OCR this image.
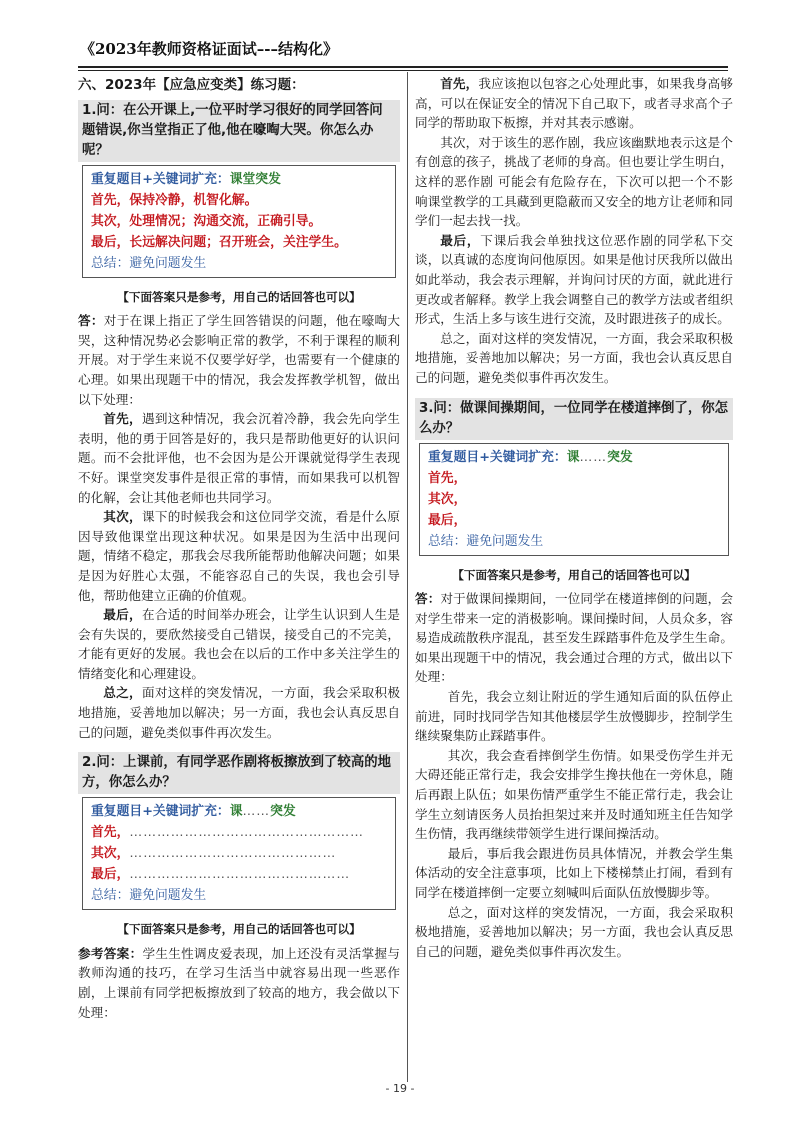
《2023年教师资格证面试–-–结构化》
六、2023年【应急应变类】练习题：
1.问：在公开课上,一位平时学习很好的同学回答问题错误,你当堂指正了他,他在嚎啕大哭。你怎么办呢？
重复题目+关键词扩充：课堂突发
首先，保持冷静，机智化解。
其次，处理情况；沟通交流，正确引导。
最后，长远解决问题；召开班会，关注学生。
总结：避免问题发生
【下面答案只是参考，用自己的话回答也可以】

答：对于在课上指正了学生回答错误的问题，他在嚎啕大哭，这种情况势必会影响正常的教学，不利于课程的顺利开展。对于学生来说不仅要学好学，也需要有一个健康的心理。如果出现题干中的情况，我会发挥教学机智，做出以下处理：

首先，遇到这种情况，我会沉着冷静，我会先向学生表明，他的勇于回答是好的，我只是帮助他更好的认识问题。而不会批评他，也不会因为是公开课就觉得学生表现不好。课堂突发事件是很正常的事情，而如果我可以机智的化解，会让其他老师也共同学习。

其次，课下的时候我会和这位同学交流，看是什么原因导致他课堂出现这种状况。如果是因为生活中出现问题，情绪不稳定，那我会尽我所能帮助他解决问题；如果是因为好胜心太强，不能容忍自己的失误，我也会引导他，帮助他建立正确的价值观。

最后，在合适的时间举办班会，让学生认识到人生是会有失误的，要欣然接受自己错误，接受自己的不完美，才能有更好的发展。我也会在以后的工作中多关注学生的情绪变化和心理建设。

总之，面对这样的突发情况，一方面，我会采取积极地措施，妥善地加以解决；另一方面，我也会认真反思自己的问题，避免类似事件再次发生。

2.问：上课前，有同学恶作剧将板擦放到了较高的地方，你怎么办？
重复题目+关键词扩充：课……突发
首先，……………………………………………
其次，………………………………………
最后，…………………………………………
总结：避免问题发生
【下面答案只是参考，用自己的话回答也可以】

参考答案：学生生性调皮爱表现，加上还没有灵活掌握与教师沟通的技巧，在学习生活当中就容易出现一些恶作剧，上课前有同学把板擦放到了较高的地方，我会做以下处理：

首先，我应该抱以包容之心处理此事，如果我身高够高，可以在保证安全的情况下自己取下，或者寻求高个子同学的帮助取下板擦，并对其表示感谢。

其次，对于该生的恶作剧，我应该幽默地表示这是个有创意的孩子，挑战了老师的身高。但也要让学生明白，这样的恶作剧 可能会有危险存在，下次可以把一个不影响课堂教学的工具藏到更隐蔽而又安全的地方让老师和同学们一起去找一找。

最后，下课后我会单独找这位恶作剧的同学私下交谈，以真诚的态度询问他原因。如果是他讨厌我所以做出如此举动，我会表示理解，并询问讨厌的方面，就此进行更改或者解释。教学上我会调整自己的教学方法或者组织形式，生活上多与该生进行交流，及时跟进孩子的成长。

总之，面对这样的突发情况，一方面，我会采取积极地措施，妥善地加以解决；另一方面，我也会认真反思自己的问题，避免类似事件再次发生。

3.问：做课间操期间，一位同学在楼道摔倒了，你怎么办？
重复题目+关键词扩充：课……突发
首先，
其次，
最后，
总结：避免问题发生
【下面答案只是参考，用自己的话回答也可以】

答：对于做课间操期间，一位同学在楼道摔倒的问题，会对学生带来一定的消极影响。课间操时间，人员众多，容易造成疏散秩序混乱，甚至发生踩踏事件危及学生生命。如果出现题干中的情况，我会通过合理的方式，做出以下处理：

首先，我会立刻让附近的学生通知后面的队伍停止前进，同时找同学告知其他楼层学生放慢脚步，控制学生继续聚集防止踩踏事件。

其次，我会查看摔倒学生伤情。如果受伤学生并无大碍还能正常行走，我会安排学生搀扶他在一旁休息，随后再跟上队伍；如果伤情严重学生不能正常行走，我会让学生立刻请医务人员抬担架过来并及时通知班主任告知学生伤情，我再继续带领学生进行课间操活动。

最后，事后我会跟进伤员具体情况，并教会学生集体活动的安全注意事项，比如上下楼梯禁止打闹，看到有同学在楼道摔倒一定要立刻喊叫后面队伍放慢脚步等。

总之，面对这样的突发情况，一方面，我会采取积极地措施，妥善地加以解决；另一方面，我也会认真反思自己的问题，避免类似事件再次发生。

- 19 -
